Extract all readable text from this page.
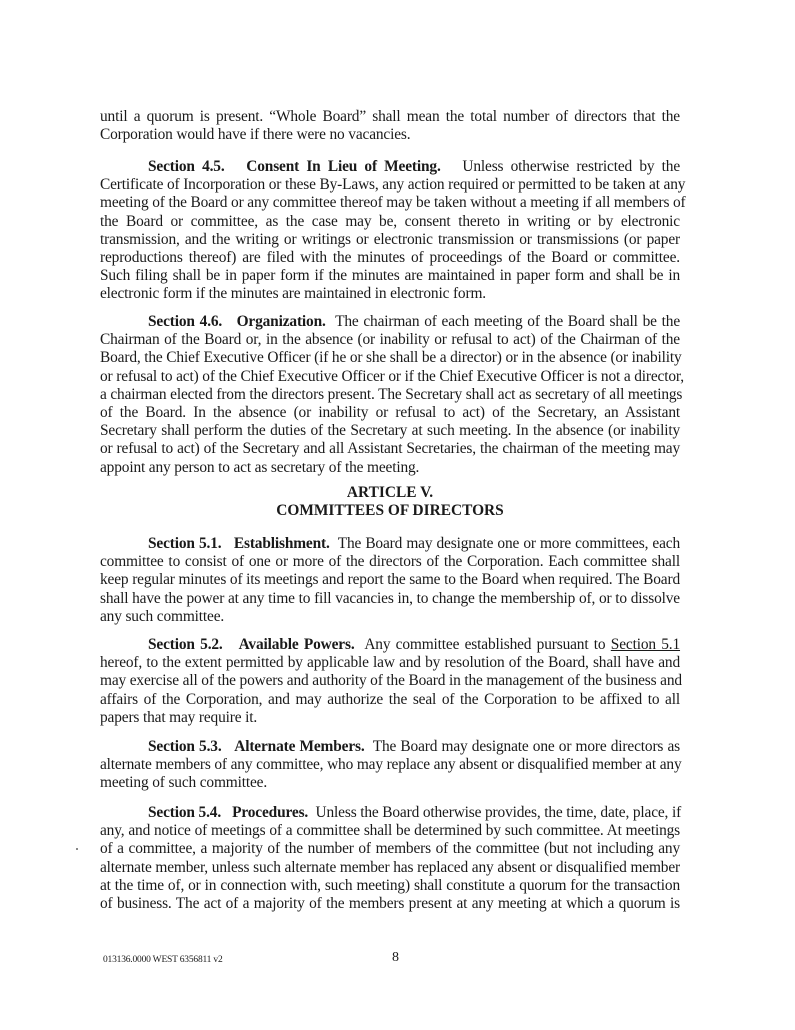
until a quorum is present. “Whole Board” shall mean the total number of directors that the
Corporation would have if there were no vacancies.
Section 4.5. Consent In Lieu of Meeting. Unless otherwise restricted by the
Certificate of Incorporation or these By-Laws, any action required or permitted to be taken at any
meeting of the Board or any committee thereof may be taken without a meeting if all members of
the Board or committee, as the case may be, consent thereto in writing or by electronic
transmission, and the writing or writings or electronic transmission or transmissions (or paper
reproductions thereof) are filed with the minutes of proceedings of the Board or committee.
Such filing shall be in paper form if the minutes are maintained in paper form and shall be in
electronic form if the minutes are maintained in electronic form.
Section 4.6. Organization. The chairman of each meeting of the Board shall be the
Chairman of the Board or, in the absence (or inability or refusal to act) of the Chairman of the
Board, the Chief Executive Officer (if he or she shall be a director) or in the absence (or inability
or refusal to act) of the Chief Executive Officer or if the Chief Executive Officer is not a director,
a chairman elected from the directors present. The Secretary shall act as secretary of all meetings
of the Board. In the absence (or inability or refusal to act) of the Secretary, an Assistant
Secretary shall perform the duties of the Secretary at such meeting. In the absence (or inability
or refusal to act) of the Secretary and all Assistant Secretaries, the chairman of the meeting may
appoint any person to act as secretary of the meeting.
ARTICLE V.
COMMITTEES OF DIRECTORS
Section 5.1. Establishment. The Board may designate one or more committees, each
committee to consist of one or more of the directors of the Corporation. Each committee shall
keep regular minutes of its meetings and report the same to the Board when required. The Board
shall have the power at any time to fill vacancies in, to change the membership of, or to dissolve
any such committee.
Section 5.2. Available Powers. Any committee established pursuant to Section 5.1
hereof, to the extent permitted by applicable law and by resolution of the Board, shall have and
may exercise all of the powers and authority of the Board in the management of the business and
affairs of the Corporation, and may authorize the seal of the Corporation to be affixed to all
papers that may require it.
Section 5.3. Alternate Members. The Board may designate one or more directors as
alternate members of any committee, who may replace any absent or disqualified member at any
meeting of such committee.
Section 5.4. Procedures. Unless the Board otherwise provides, the time, date, place, if
any, and notice of meetings of a committee shall be determined by such committee. At meetings
of a committee, a majority of the number of members of the committee (but not including any
alternate member, unless such alternate member has replaced any absent or disqualified member
at the time of, or in connection with, such meeting) shall constitute a quorum for the transaction
of business. The act of a majority of the members present at any meeting at which a quorum is
013136.0000 WEST 6356811 v2	8
